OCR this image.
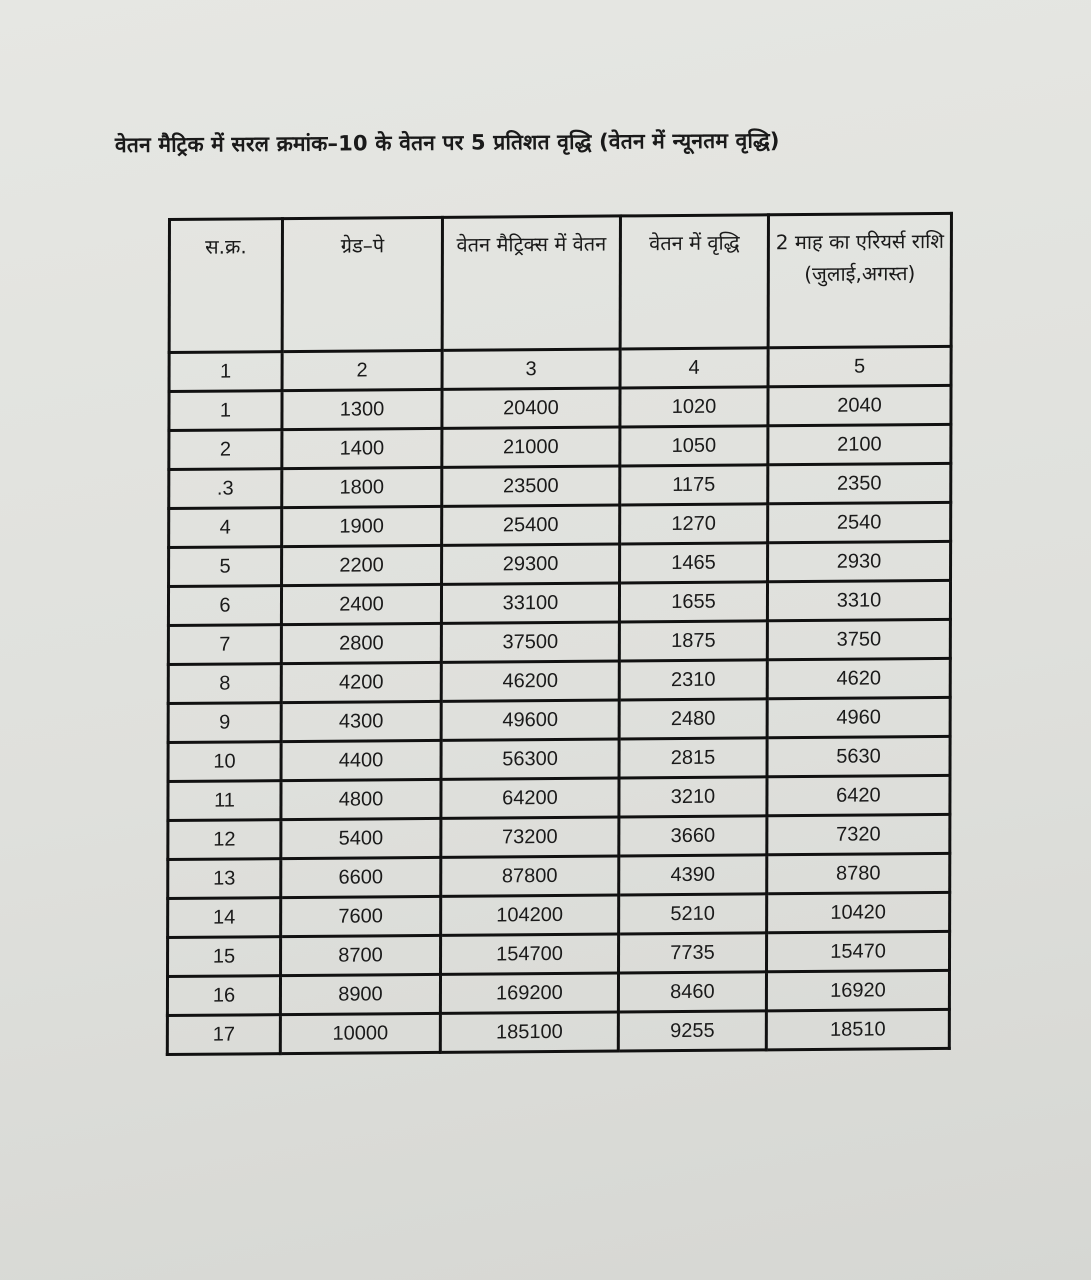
वेतन मैट्रिक में सरल क्रमांक–10 के वेतन पर 5 प्रतिशत वृद्धि (वेतन में न्यूनतम वृद्धि)
स.क्र.	ग्रेड–पे	वेतन मैट्रिक्स में वेतन	वेतन में वृद्धि	2 माह का एरियर्स राशि (जुलाई,अगस्त)
1	2	3	4	5
1	1300	20400	1020	2040
2	1400	21000	1050	2100
.3	1800	23500	1175	2350
4	1900	25400	1270	2540
5	2200	29300	1465	2930
6	2400	33100	1655	3310
7	2800	37500	1875	3750
8	4200	46200	2310	4620
9	4300	49600	2480	4960
10	4400	56300	2815	5630
11	4800	64200	3210	6420
12	5400	73200	3660	7320
13	6600	87800	4390	8780
14	7600	104200	5210	10420
15	8700	154700	7735	15470
16	8900	169200	8460	16920
17	10000	185100	9255	18510
